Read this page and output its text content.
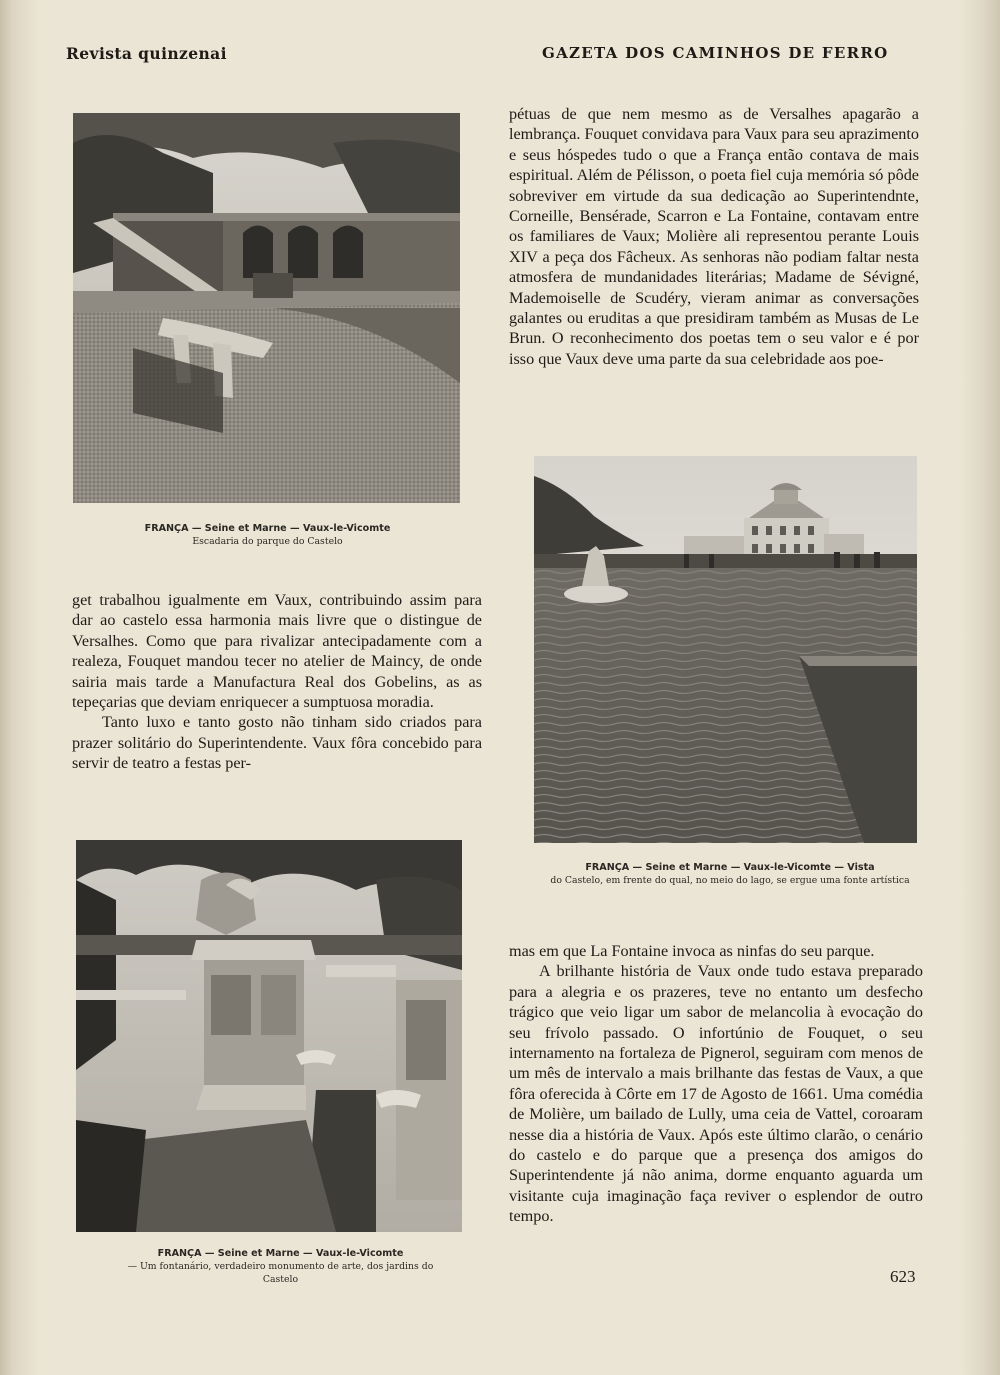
Revista quinzenai	GAZETA DOS CAMINHOS DE FERRO
FRANÇA — Seine et Marne — Vaux-le-Vicomte
Escadaria do parque do Castelo

pétuas de que nem mesmo as de Versalhes apagarão a lembrança. Fouquet convidava para Vaux para seu aprazimento e seus hóspedes tudo o que a França então contava de mais espiritual. Além de Pélisson, o poeta fiel cuja memória só pôde sobreviver em virtude da sua dedicação ao Superintendnte, Corneille, Bensérade, Scarron e La Fontaine, contavam entre os familiares de Vaux; Molière ali representou perante Louis XIV a peça dos Fâcheux. As senhoras não podiam faltar nesta atmosfera de mundanidades literárias; Madame de Sévigné, Mademoiselle de Scudéry, vieram animar as conversações galantes ou eruditas a que presidiram também as Musas de Le Brun. O reconhecimento dos poetas tem o seu valor e é por isso que Vaux deve uma parte da sua celebridade aos poe-

FRANÇA — Seine et Marne — Vaux-le-Vicomte — Vista
do Castelo, em frente do qual, no meio do lago, se ergue uma fonte artística

get trabalhou igualmente em Vaux, contribuindo assim para dar ao castelo essa harmonia mais livre que o distingue de Versalhes. Como que para rivalizar antecipadamente com a realeza, Fouquet mandou tecer no atelier de Maincy, de onde sairia mais tarde a Manufactura Real dos Gobelins, as as tepeçarias que deviam enriquecer a sumptuosa moradia.

Tanto luxo e tanto gosto não tinham sido criados para prazer solitário do Superintendente. Vaux fôra concebido para servir de teatro a festas per-

FRANÇA — Seine et Marne — Vaux-le-Vicomte
— Um fontanário, verdadeiro monumento de arte, dos jardins do Castelo

mas em que La Fontaine invoca as ninfas do seu parque.

A brilhante história de Vaux onde tudo estava preparado para a alegria e os prazeres, teve no entanto um desfecho trágico que veio ligar um sabor de melancolia à evocação do seu frívolo passado. O infortúnio de Fouquet, o seu internamento na fortaleza de Pignerol, seguiram com menos de um mês de intervalo a mais brilhante das festas de Vaux, a que fôra oferecida à Côrte em 17 de Agosto de 1661. Uma comédia de Molière, um bailado de Lully, uma ceia de Vattel, coroaram nesse dia a história de Vaux. Após este último clarão, o cenário do castelo e do parque que a presença dos amigos do Superintendente já não anima, dorme enquanto aguarda um visitante cuja imaginação faça reviver o esplendor de outro tempo.

623
